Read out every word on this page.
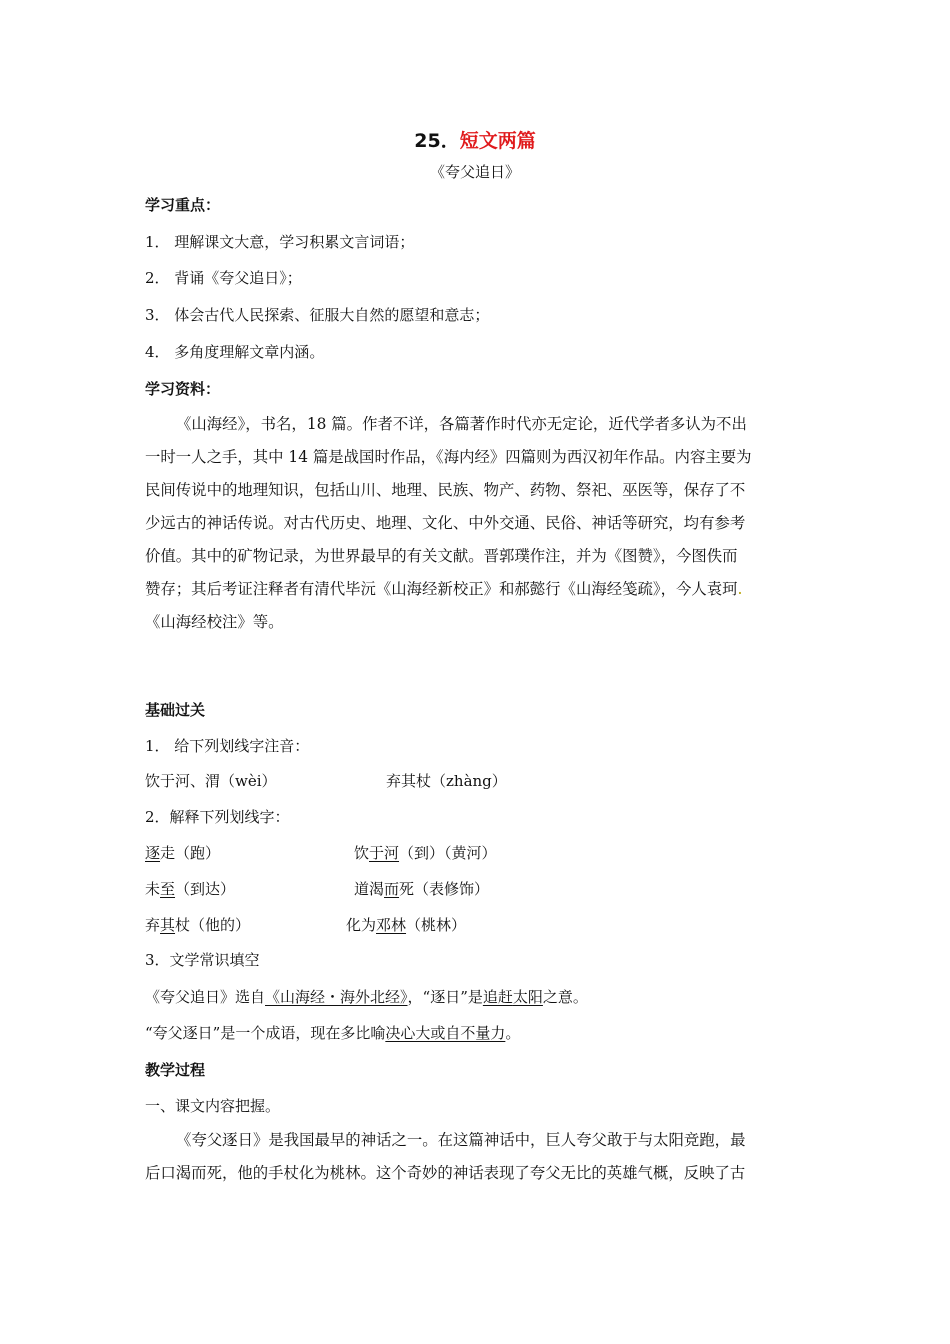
25．短文两篇
《夸父追日》
学习重点：
1． 理解课文大意，学习积累文言词语；
2． 背诵《夸父追日》；
3． 体会古代人民探索、征服大自然的愿望和意志；
4． 多角度理解文章内涵。
学习资料：
《山海经》，书名，18 篇。作者不详，各篇著作时代亦无定论，近代学者多认为不出
一时一人之手，其中 14 篇是战国时作品，《海内经》四篇则为西汉初年作品。内容主要为
民间传说中的地理知识，包括山川、地理、民族、物产、药物、祭祀、巫医等，保存了不
少远古的神话传说。对古代历史、地理、文化、中外交通、民俗、神话等研究，均有参考
价值。其中的矿物记录，为世界最早的有关文献。晋郭璞作注，并为《图赞》，今图佚而
赞存；其后考证注释者有清代毕沅《山海经新校正》和郝懿行《山海经笺疏》，今人袁珂.
《山海经校注》等。
基础过关
1． 给下列划线字注音：
饮于河、渭（wèi）	弃其杖（zhàng）
2．解释下列划线字：
逐走（跑）	饮于河（到）（黄河）
未至（到达）	道渴而死（表修饰）
弃其杖（他的）	化为邓林（桃林）
3．文学常识填空
《夸父追日》选自《山海经・海外北经》，“逐日”是追赶太阳之意。
“夸父逐日”是一个成语，现在多比喻决心大或自不量力。
教学过程
一、课文内容把握。
《夸父逐日》是我国最早的神话之一。在这篇神话中，巨人夸父敢于与太阳竞跑，最
后口渴而死，他的手杖化为桃林。这个奇妙的神话表现了夸父无比的英雄气概，反映了古
